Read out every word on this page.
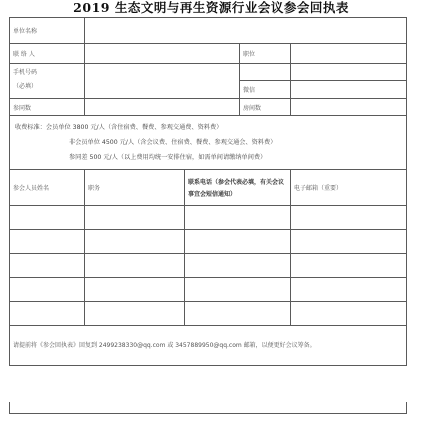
2019 生态文明与再生资源行业会议参会回执表
单位名称				
联 络 人			职位	
手机号码
（必填）				
			微信	
参同数			房间数	

收费标准：会员单位 3800 元/人（含住宿费、餐费、参观交通费、资料费）
非会员单位 4500 元/人（含会议费、住宿费、餐费、参观交通会、资料费）
参同差 500 元/人（以上费用均统一安排住宿，如需单间请缴纳单间费）				

参会人员姓名	职务	联系电话（参会代表必填，有关会议事宜会短信通知）		电子邮箱（重要）

请提前将《参会回执表》回复到 2499238330@qq.com 或 3457889950@qq.com 邮箱，以便更好会议筹备。				
